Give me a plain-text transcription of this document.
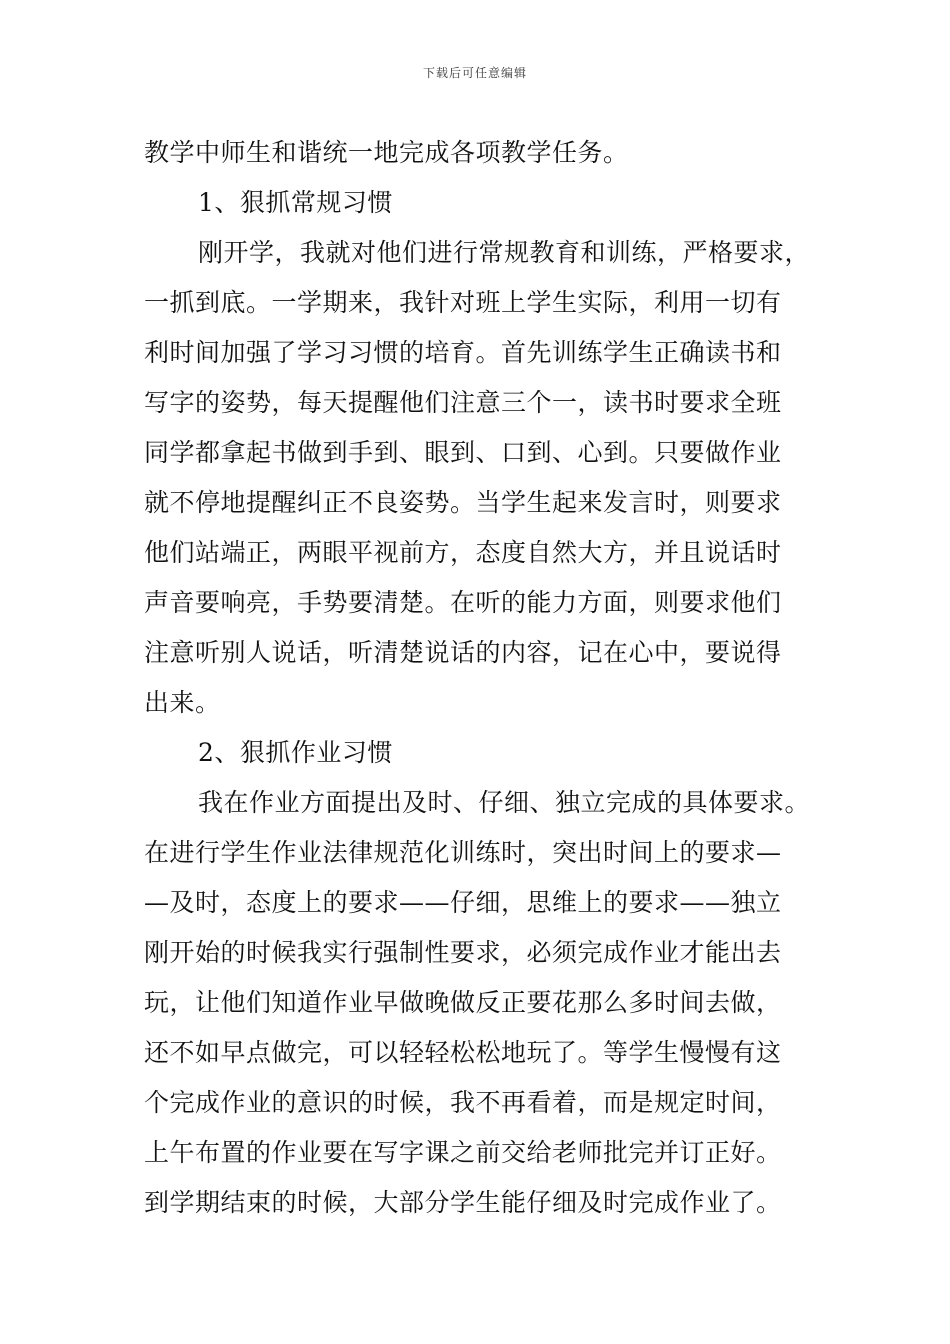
下载后可任意编辑
教学中师生和谐统一地完成各项教学任务。
1、狠抓常规习惯
刚开学，我就对他们进行常规教育和训练，严格要求，
一抓到底。一学期来，我针对班上学生实际，利用一切有
利时间加强了学习习惯的培育。首先训练学生正确读书和
写字的姿势，每天提醒他们注意三个一，读书时要求全班
同学都拿起书做到手到、眼到、口到、心到。只要做作业
就不停地提醒纠正不良姿势。当学生起来发言时，则要求
他们站端正，两眼平视前方，态度自然大方，并且说话时
声音要响亮，手势要清楚。在听的能力方面，则要求他们
注意听别人说话，听清楚说话的内容，记在心中，要说得
出来。
2、狠抓作业习惯
我在作业方面提出及时、仔细、独立完成的具体要求。
在进行学生作业法律规范化训练时，突出时间上的要求—
—及时，态度上的要求——仔细，思维上的要求——独立
刚开始的时候我实行强制性要求，必须完成作业才能出去
玩，让他们知道作业早做晚做反正要花那么多时间去做，
还不如早点做完，可以轻轻松松地玩了。等学生慢慢有这
个完成作业的意识的时候，我不再看着，而是规定时间，
上午布置的作业要在写字课之前交给老师批完并订正好。
到学期结束的时候，大部分学生能仔细及时完成作业了。
